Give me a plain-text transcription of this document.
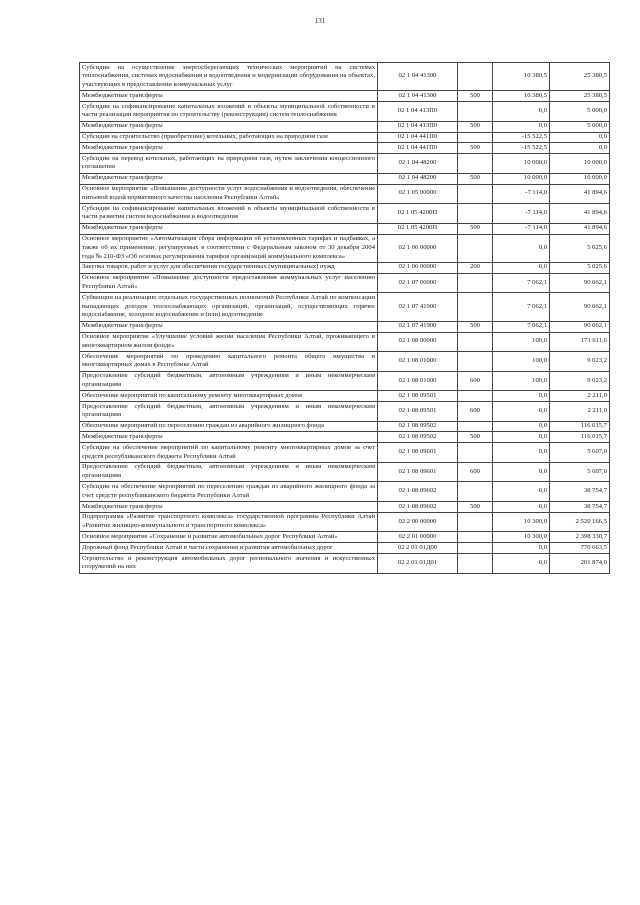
131
Субсидии на осуществление энергосберегающих технических мероприятий на системах теплоснабжения, системах водоснабжения и водоотведения и модернизации оборудования на объектах, участвующих в предоставлении коммунальных услуг	02 1 04 41300		10 380,5	25 380,5
Межбюджетные трансферты	02 1 04 41300	500	10 380,5	25 380,5
Субсидии на софинансирование капитальных вложений в объекты муниципальной собственности в части реализации мероприятия по строительству (реконструкции) систем теплоснабжения	02 1 04 413П0		0,0	5 000,0
Межбюджетные трансферты	02 1 04 413П0	500	0,0	5 000,0
Субсидии на строительство (приобретение) котельных, работающих на природном газе	02 1 04 441П0		-15 522,5	0,0
Межбюджетные трансферты	02 1 04 441П0	500	-15 522,5	0,0
Субсидии на перевод котельных, работающих на природном газе, путем заключения концессионного соглашения	02 1 04 48200		10 000,0	10 000,0
Межбюджетные трансферты	02 1 04 48200	500	10 000,0	10 000,0
Основное мероприятие «Повышение доступности услуг водоснабжения и водоотведения, обеспечение питьевой водой нормативного качества населения Республики Алтай»	02 1 05 00000		-7 114,0	41 894,6
Субсидии на софинансирование капитальных вложений в объекты муниципальной собственности в части развития систем водоснабжения и водоотведения	02 1 05 4200П		-7 114,0	41 894,6
Межбюджетные трансферты	02 1 05 4200П	500	-7 114,0	41 894,6
Основное мероприятие «Автоматизация сбора информации об установленных тарифах и надбавках, а также об их применении, регулируемых в соответствии с Федеральным законом от 30 декабря 2004 года № 210-ФЗ «Об основах регулирования тарифов организаций коммунального комплекса»	02 1 06 00000		0,0	5 025,6
Закупка товаров, работ и услуг для обеспечения государственных (муниципальных) нужд	02 1 06 00000	200	0,0	5 025,6
Основное мероприятие «Повышение доступности предоставления коммунальных услуг населению Республики Алтай»	02 1 07 00000		7 062,1	90 062,1
Субвенции на реализацию отдельных государственных полномочий Республики Алтай по компенсации выпадающих доходов теплоснабжающих организаций, организаций, осуществляющих горячее водоснабжение, холодное водоснабжение и (или) водоотведение	02 1 07 41900		7 062,1	90 062,1
Межбюджетные трансферты	02 1 07 41900	500	7 062,1	90 062,1
Основное мероприятие «Улучшение условий жизни населения Республики Алтай, проживающего в многоквартирном жилом фонде»	02 1 08 00000		100,0	171 611,6
Обеспечение мероприятий по проведению капитального ремонта общего имущества в многоквартирных домах в Республике Алтай	02 1 08 01000		100,0	9 023,2
Предоставление субсидий бюджетным, автономным учреждениям и иным некоммерческим организациям	02 1 08 01000	600	100,0	9 023,2
Обеспечение мероприятий по капитальному ремонту многоквартирных домов	02 1 08 09501		0,0	2 211,0
Предоставление субсидий бюджетным, автономным учреждениям и иным некоммерческим организациям	02 1 08 09501	600	0,0	2 211,0
Обеспечение мероприятий по переселению граждан из аварийного жилищного фонда	02 1 08 09502		0,0	116 015,7
Межбюджетные трансферты	02 1 08 09502	500	0,0	116 015,7
Субсидии на обеспечение мероприятий по капитальному ремонту многоквартирных домов за счет средств республиканского бюджета Республики Алтай	02 1 08 09601		0,0	5 607,0
Предоставление субсидий бюджетным, автономным учреждениям и иным некоммерческим организациям	02 1 08 09601	600	0,0	5 607,0
Субсидии на обеспечение мероприятий по переселению граждан из аварийного жилищного фонда за счет средств республиканского бюджета Республики Алтай	02 1 08 09602		0,0	38 754,7
Межбюджетные трансферты	02 1 08 09602	500	0,0	38 754,7
Подпрограмма «Развитие транспортного комплекса» государственной программы Республики Алтай «Развитие жилищно-коммунального и транспортного комплекса»	02 2 00 00000		10 300,0	2 520 166,5
Основное мероприятие «Сохранение и развитие автомобильных дорог Республики Алтай»	02 2 01 00000		10 300,0	2 398 330,7
Дорожный фонд Республики Алтай в части сохранения и развития автомобильных дорог	02 2 01 01Д00		0,0	770 663,5
Строительство и реконструкция автомобильных дорог регионального значения и искусственных сооружений на них	02 2 01 01Д01		0,0	201 874,0
